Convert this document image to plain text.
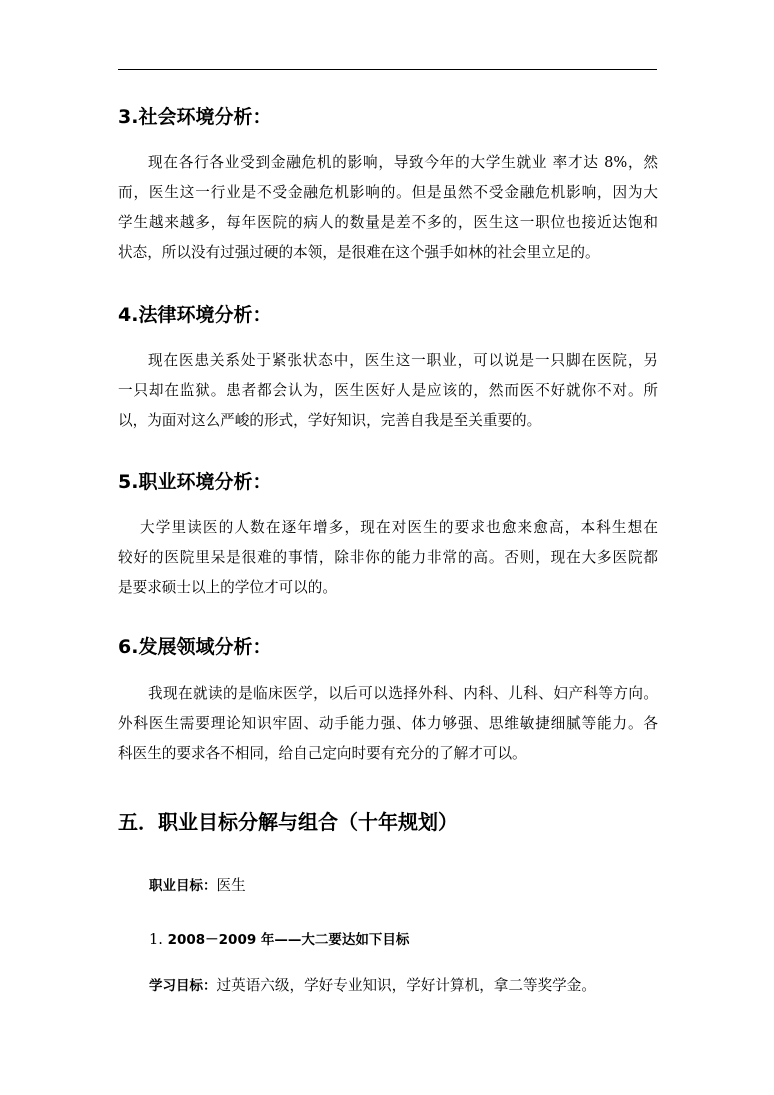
3.社会环境分析：
现在各行各业受到金融危机的影响，导致今年的大学生就业 率才达 8%，然
而，医生这一行业是不受金融危机影响的。但是虽然不受金融危机影响，因为大
学生越来越多，每年医院的病人的数量是差不多的，医生这一职位也接近达饱和
状态，所以没有过强过硬的本领，是很难在这个强手如林的社会里立足的。
4.法律环境分析：
现在医患关系处于紧张状态中，医生这一职业，可以说是一只脚在医院，另
一只却在监狱。患者都会认为，医生医好人是应该的，然而医不好就你不对。所
以，为面对这么严峻的形式，学好知识，完善自我是至关重要的。
5.职业环境分析：
大学里读医的人数在逐年增多，现在对医生的要求也愈来愈高，本科生想在
较好的医院里呆是很难的事情，除非你的能力非常的高。否则，现在大多医院都
是要求硕士以上的学位才可以的。
6.发展领域分析：
我现在就读的是临床医学，以后可以选择外科、内科、儿科、妇产科等方向。
外科医生需要理论知识牢固、动手能力强、体力够强、思维敏捷细腻等能力。各
科医生的要求各不相同，给自己定向时要有充分的了解才可以。
五．职业目标分解与组合（十年规划）
职业目标：医生
1. 2008－2009 年——大二要达如下目标
学习目标：过英语六级，学好专业知识，学好计算机，拿二等奖学金。
